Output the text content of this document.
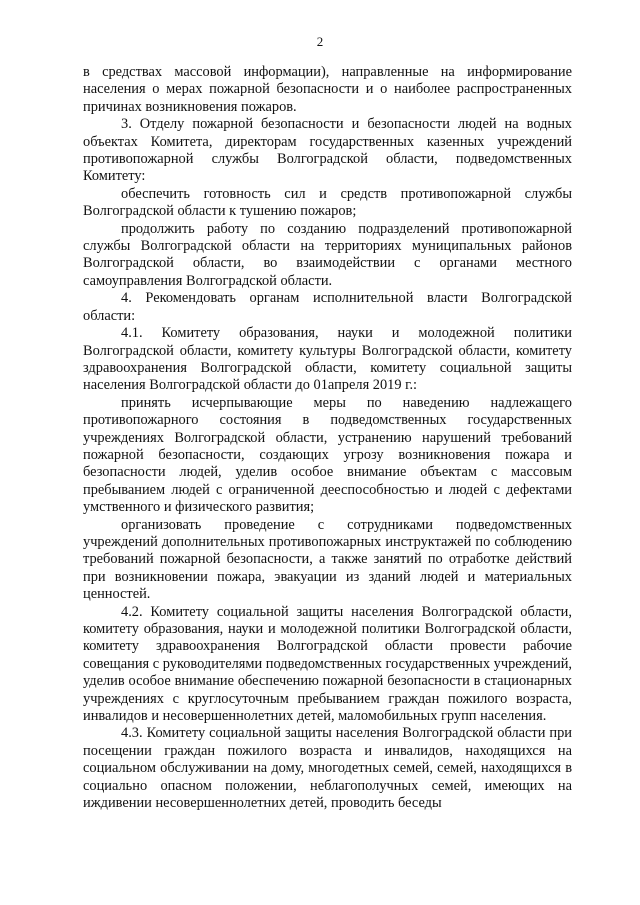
2

в средствах массовой информации), направленные на информирование населения о мерах пожарной безопасности и о наиболее распространенных причинах возникновения пожаров.

3. Отделу пожарной безопасности и безопасности людей на водных объектах Комитета, директорам государственных казенных учреждений противопожарной службы Волгоградской области, подведомственных Комитету:

обеспечить готовность сил и средств противопожарной службы Волгоградской области к тушению пожаров;

продолжить работу по созданию подразделений противопожарной службы Волгоградской области на территориях муниципальных районов Волгоградской области, во взаимодействии с органами местного самоуправления Волгоградской области.

4. Рекомендовать органам исполнительной власти Волгоградской области:

4.1. Комитету образования, науки и молодежной политики Волгоградской области, комитету культуры Волгоградской области, комитету здравоохранения Волгоградской области, комитету социальной защиты населения Волгоградской области до 01апреля 2019 г.:

принять исчерпывающие меры по наведению надлежащего противопожарного состояния в подведомственных государственных учреждениях Волгоградской области, устранению нарушений требований пожарной безопасности, создающих угрозу возникновения пожара и безопасности людей, уделив особое внимание объектам с массовым пребыванием людей с ограниченной дееспособностью и людей с дефектами умственного и физического развития;

организовать проведение с сотрудниками подведомственных учреждений дополнительных противопожарных инструктажей по соблюдению требований пожарной безопасности, а также занятий по отработке действий при возникновении пожара, эвакуации из зданий людей и материальных ценностей.

4.2. Комитету социальной защиты населения Волгоградской области, комитету образования, науки и молодежной политики Волгоградской области, комитету здравоохранения Волгоградской области провести рабочие совещания с руководителями подведомственных государственных учреждений, уделив особое внимание обеспечению пожарной безопасности в стационарных учреждениях с круглосуточным пребыванием граждан пожилого возраста, инвалидов и несовершеннолетних детей, маломобильных групп населения.

4.3. Комитету социальной защиты населения Волгоградской области при посещении граждан пожилого возраста и инвалидов, находящихся на социальном обслуживании на дому, многодетных семей, семей, находящихся в социально опасном положении, неблагополучных семей, имеющих на иждивении несовершеннолетних детей, проводить беседы
